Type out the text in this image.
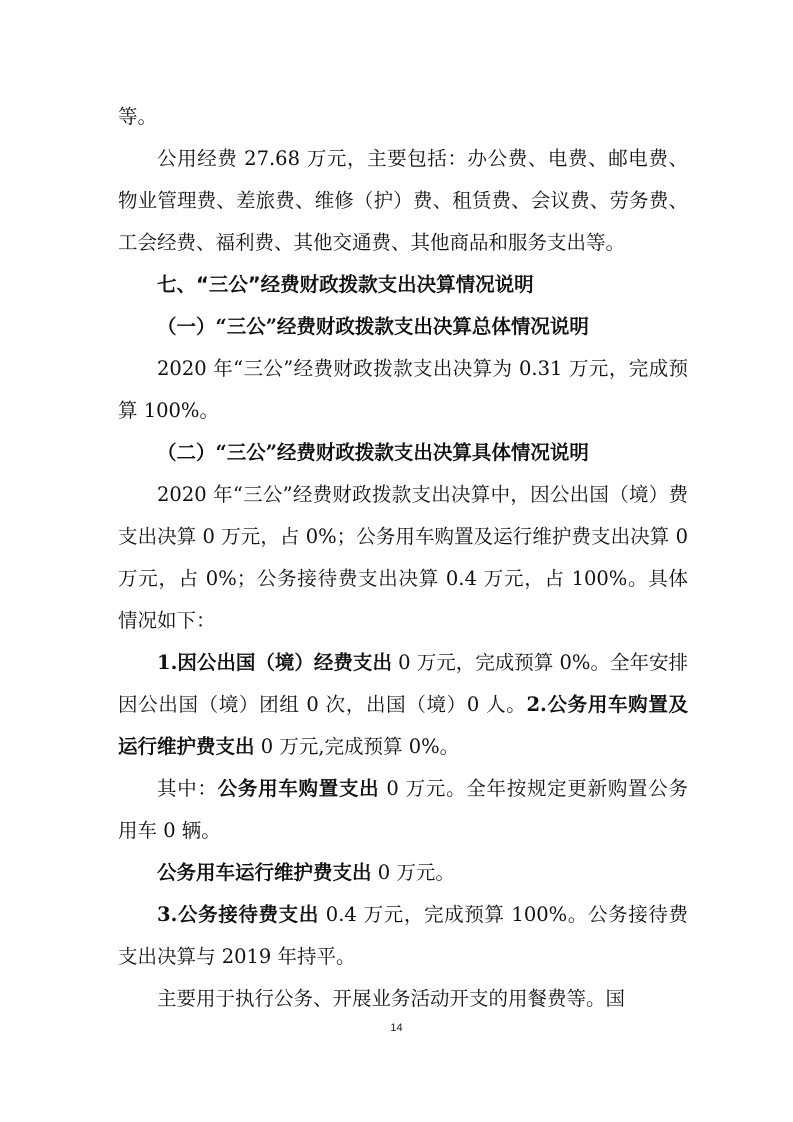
等。

公用经费 27.68 万元，主要包括：办公费、电费、邮电费、物业管理费、差旅费、维修（护）费、租赁费、会议费、劳务费、工会经费、福利费、其他交通费、其他商品和服务支出等。

七、“三公”经费财政拨款支出决算情况说明

（一）“三公”经费财政拨款支出决算总体情况说明

2020 年“三公”经费财政拨款支出决算为 0.31 万元，完成预算 100%。

（二）“三公”经费财政拨款支出决算具体情况说明

2020 年“三公”经费财政拨款支出决算中，因公出国（境）费支出决算 0 万元，占 0%；公务用车购置及运行维护费支出决算 0 万元，占 0%；公务接待费支出决算 0.4 万元，占 100%。具体情况如下：

1.因公出国（境）经费支出 0 万元，完成预算 0%。全年安排因公出国（境）团组 0 次，出国（境）0 人。2.公务用车购置及运行维护费支出 0 万元,完成预算 0%。

其中：公务用车购置支出 0 万元。全年按规定更新购置公务用车 0 辆。

公务用车运行维护费支出 0 万元。

3.公务接待费支出 0.4 万元，完成预算 100%。公务接待费支出决算与 2019 年持平。

主要用于执行公务、开展业务活动开支的用餐费等。国

14
